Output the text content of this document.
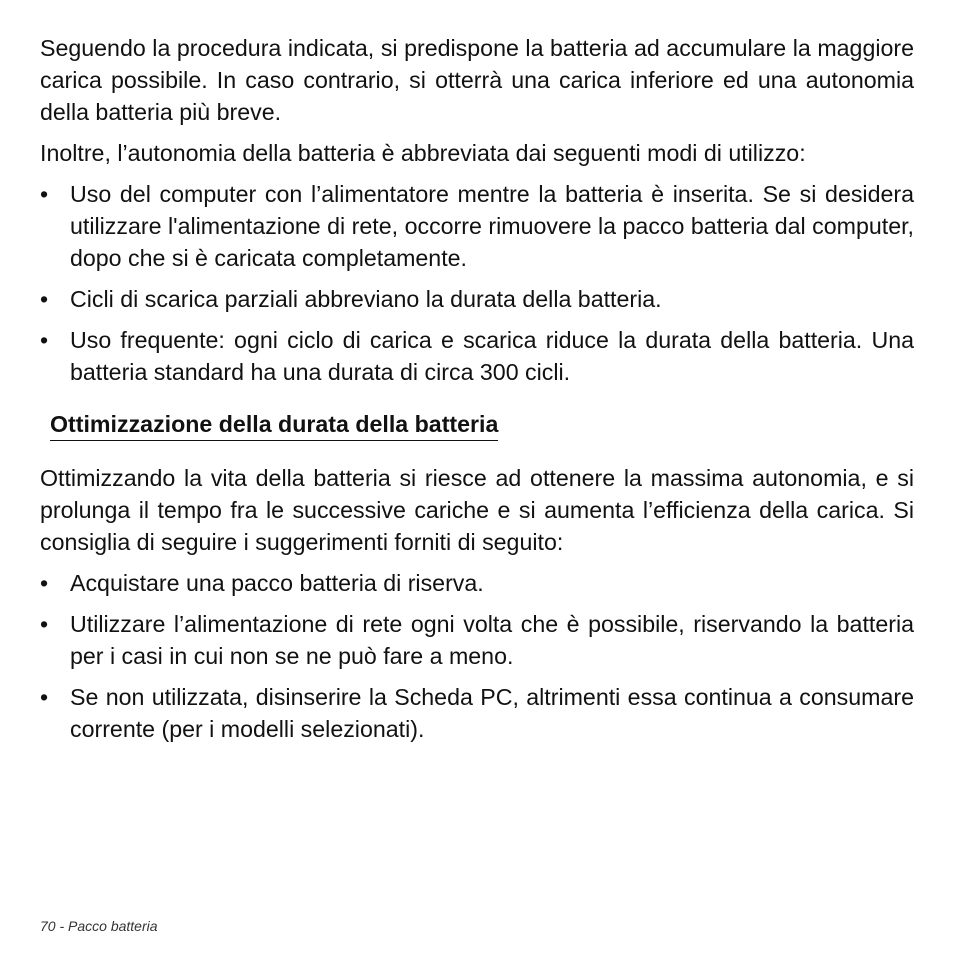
Seguendo la procedura indicata, si predispone la batteria ad accumulare la maggiore carica possibile. In caso contrario, si otterrà una carica inferiore ed una autonomia della batteria più breve.

Inoltre, l’autonomia della batteria è abbreviata dai seguenti modi di utilizzo:

• Uso del computer con l’alimentatore mentre la batteria è inserita. Se si desidera utilizzare l'alimentazione di rete, occorre rimuovere la pacco batteria dal computer, dopo che si è caricata completamente.
• Cicli di scarica parziali abbreviano la durata della batteria.
• Uso frequente: ogni ciclo di carica e scarica riduce la durata della batteria. Una batteria standard ha una durata di circa 300 cicli.
Ottimizzazione della durata della batteria

Ottimizzando la vita della batteria si riesce ad ottenere la massima autonomia, e si prolunga il tempo fra le successive cariche e si aumenta l’efficienza della carica. Si consiglia di seguire i suggerimenti forniti di seguito:

• Acquistare una pacco batteria di riserva.
• Utilizzare l’alimentazione di rete ogni volta che è possibile, riservando la batteria per i casi in cui non se ne può fare a meno.
• Se non utilizzata, disinserire la Scheda PC, altrimenti essa continua a consumare corrente (per i modelli selezionati).
70 - Pacco batteria
